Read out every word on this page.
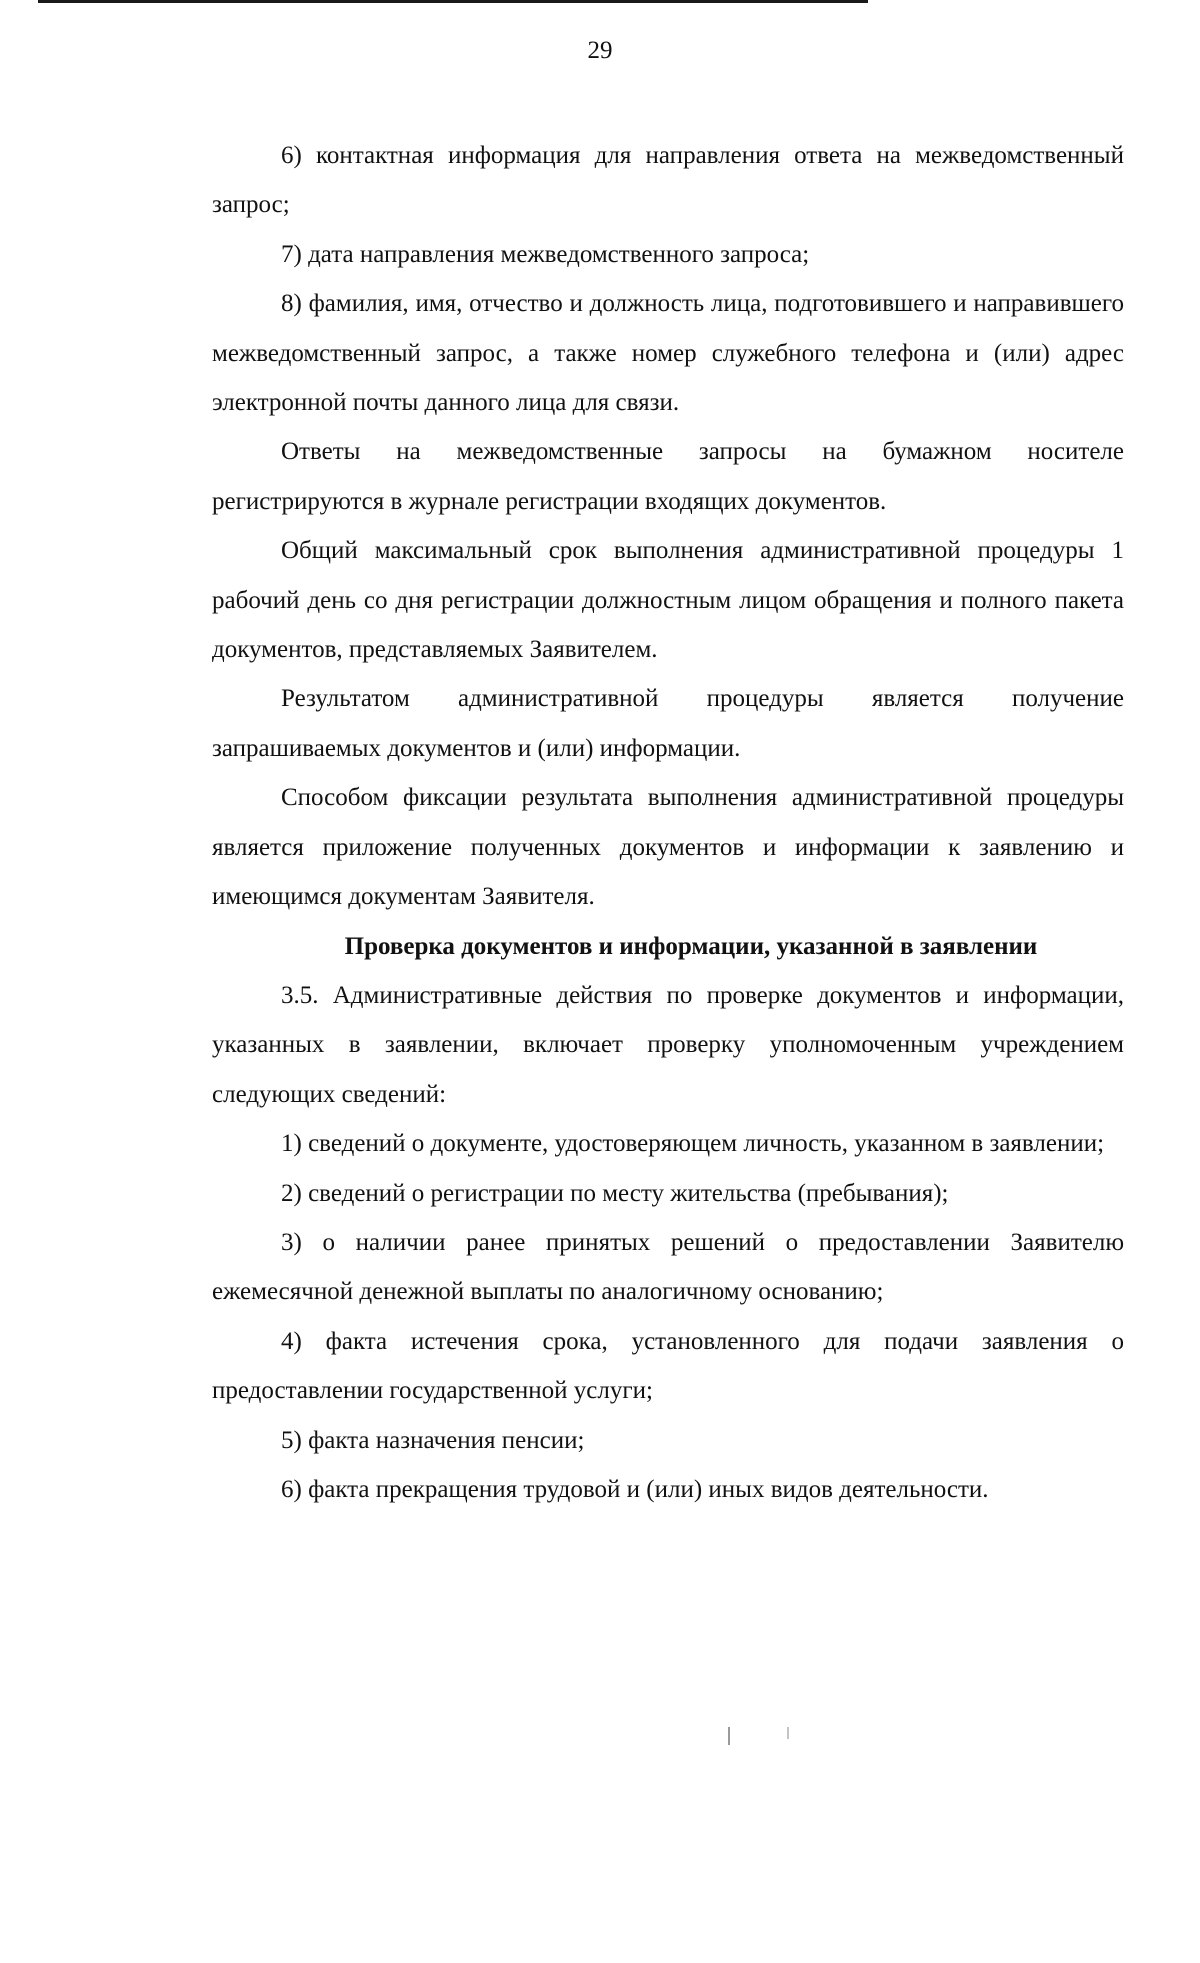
29

6) контактная информация для направления ответа на межведомственный запрос;

7) дата направления межведомственного запроса;

8) фамилия, имя, отчество и должность лица, подготовившего и направившего межведомственный запрос, а также номер служебного телефона и (или) адрес электронной почты данного лица для связи.

Ответы на межведомственные запросы на бумажном носителе регистрируются в журнале регистрации входящих документов.

Общий максимальный срок выполнения административной процедуры 1 рабочий день со дня регистрации должностным лицом обращения и полного пакета документов, представляемых Заявителем.

Результатом административной процедуры является получение запрашиваемых документов и (или) информации.

Способом фиксации результата выполнения административной процедуры является приложение полученных документов и информации к заявлению и имеющимся документам Заявителя.

Проверка документов и информации, указанной в заявлении

3.5. Административные действия по проверке документов и информации, указанных в заявлении, включает проверку уполномоченным учреждением следующих сведений:

1) сведений о документе, удостоверяющем личность, указанном в заявлении;

2) сведений о регистрации по месту жительства (пребывания);

3) о наличии ранее принятых решений о предоставлении Заявителю ежемесячной денежной выплаты по аналогичному основанию;

4) факта истечения срока, установленного для подачи заявления о предоставлении государственной услуги;

5) факта назначения пенсии;

6) факта прекращения трудовой и (или) иных видов деятельности.
